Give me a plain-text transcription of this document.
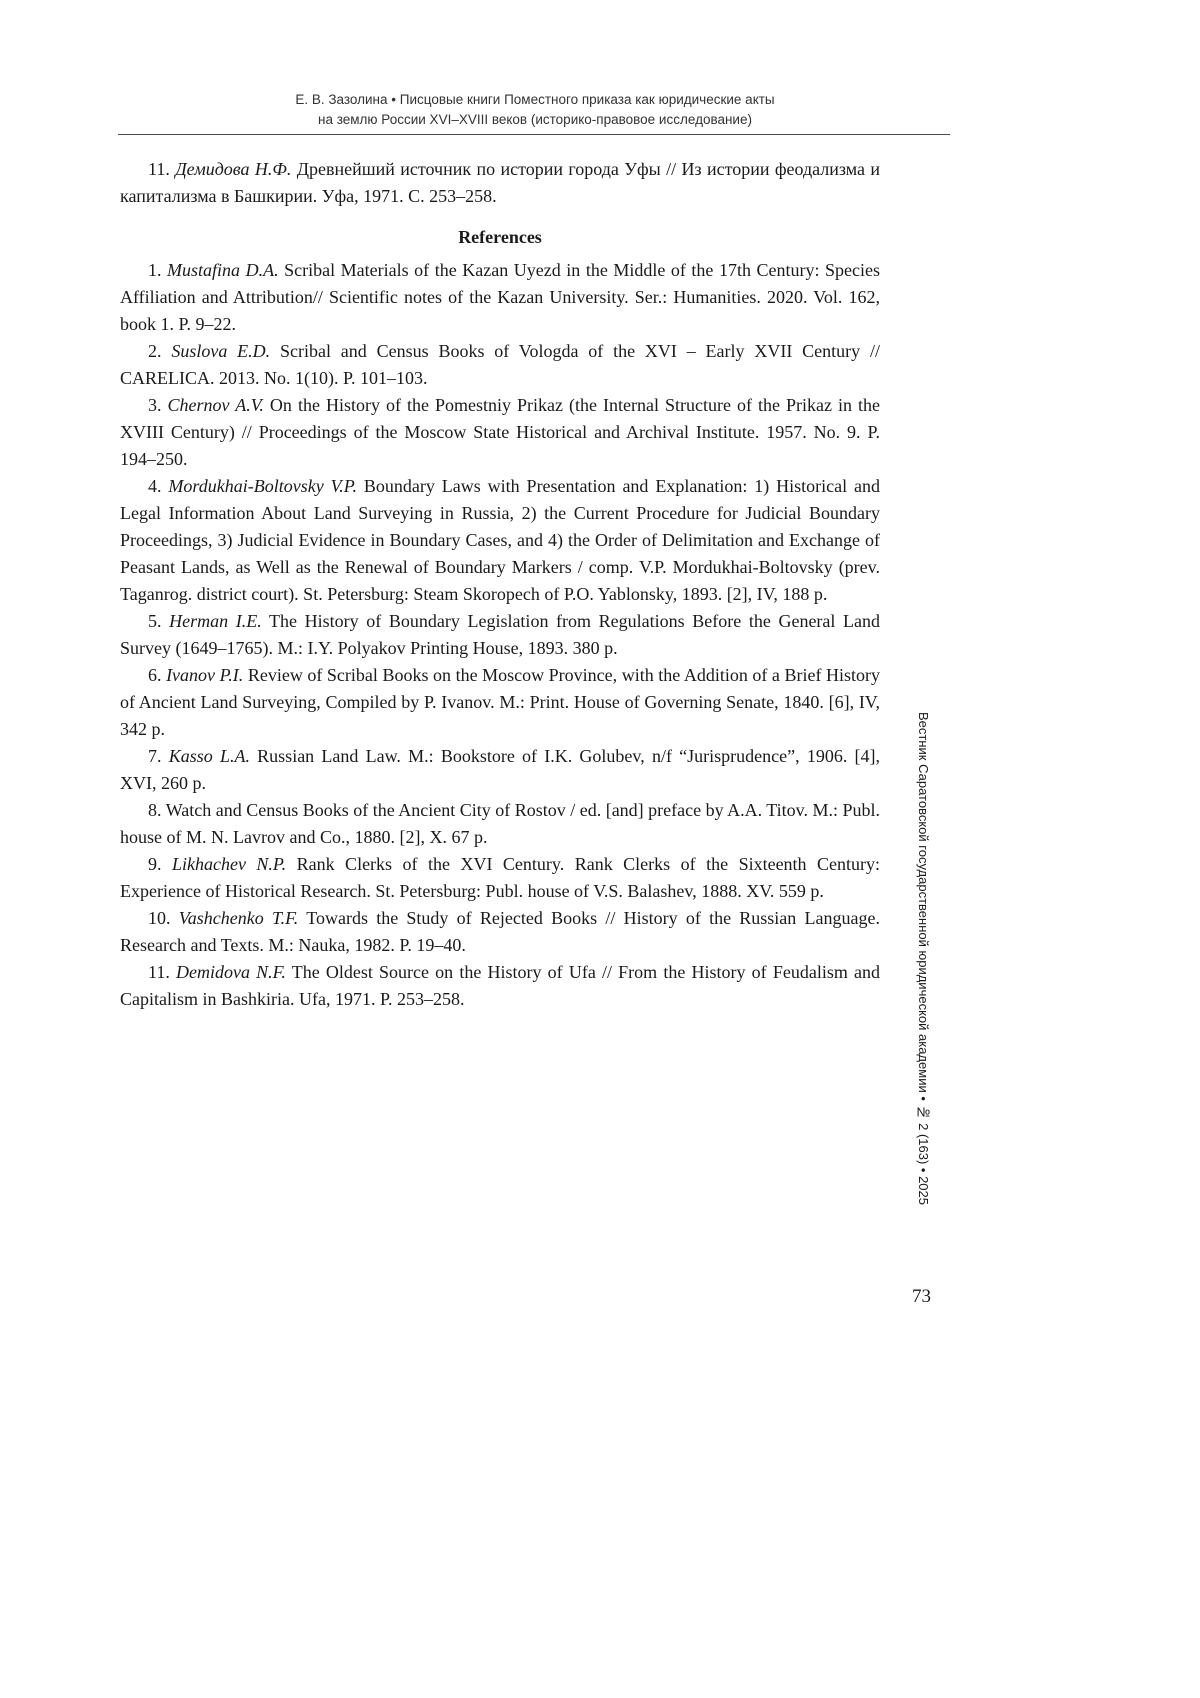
Е. В. Зазолина • Писцовые книги Поместного приказа как юридические акты
на землю России XVI–XVIII веков (историко-правовое исследование)

11. Демидова Н.Ф. Древнейший источник по истории города Уфы // Из истории феодализма и капитализма в Башкирии. Уфа, 1971. С. 253–258.

References

1. Mustafina D.A. Scribal Materials of the Kazan Uyezd in the Middle of the 17th Century: Species Affiliation and Attribution// Scientific notes of the Kazan University. Ser.: Humanities. 2020. Vol. 162, book 1. P. 9–22.

2. Suslova E.D. Scribal and Census Books of Vologda of the XVI – Early XVII Century // CARELICA. 2013. No. 1(10). P. 101–103.

3. Chernov A.V. On the History of the Pomestniy Prikaz (the Internal Structure of the Prikaz in the XVIII Century) // Proceedings of the Moscow State Historical and Archival Institute. 1957. No. 9. P. 194–250.

4. Mordukhai-Boltovsky V.P. Boundary Laws with Presentation and Explanation: 1) Historical and Legal Information About Land Surveying in Russia, 2) the Current Procedure for Judicial Boundary Proceedings, 3) Judicial Evidence in Boundary Cases, and 4) the Order of Delimitation and Exchange of Peasant Lands, as Well as the Renewal of Boundary Markers / comp. V.P. Mordukhai-Boltovsky (prev. Taganrog. district court). St. Petersburg: Steam Skoropech of P.O. Yablonsky, 1893. [2], IV, 188 p.

5. Herman I.E. The History of Boundary Legislation from Regulations Before the General Land Survey (1649–1765). M.: I.Y. Polyakov Printing House, 1893. 380 p.

6. Ivanov P.I. Review of Scribal Books on the Moscow Province, with the Addition of a Brief History of Ancient Land Surveying, Compiled by P. Ivanov. M.: Print. House of Governing Senate, 1840. [6], IV, 342 p.

7. Kasso L.A. Russian Land Law. M.: Bookstore of I.K. Golubev, n/f “Jurisprudence”, 1906. [4], XVI, 260 p.

8. Watch and Census Books of the Ancient City of Rostov / ed. [and] preface by A.A. Titov. M.: Publ. house of M. N. Lavrov and Co., 1880. [2], X. 67 p.

9. Likhachev N.P. Rank Clerks of the XVI Century. Rank Clerks of the Sixteenth Century: Experience of Historical Research. St. Petersburg: Publ. house of V.S. Balashev, 1888. XV. 559 p.

10. Vashchenko T.F. Towards the Study of Rejected Books // History of the Russian Language. Research and Texts. M.: Nauka, 1982. P. 19–40.

11. Demidova N.F. The Oldest Source on the History of Ufa // From the History of Feudalism and Capitalism in Bashkiria. Ufa, 1971. P. 253–258.	Вестник Саратовской государственной юридической академии • № 2 (163) • 2025
73
